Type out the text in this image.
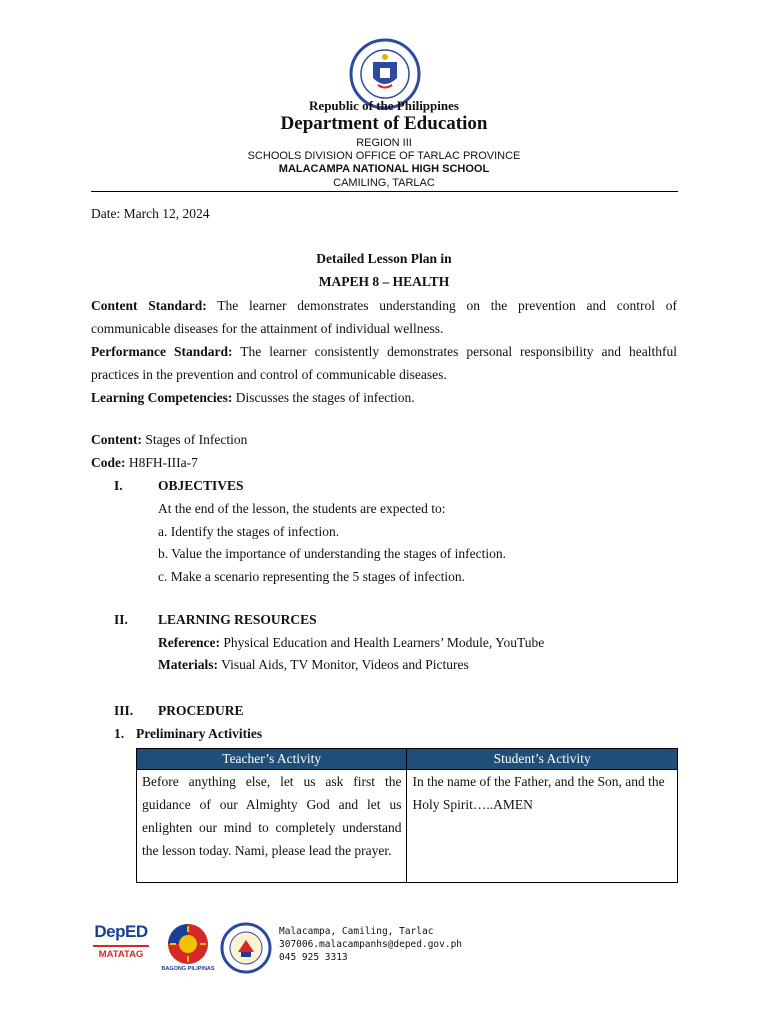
Republic of the Philippines
Department of Education
REGION III
SCHOOLS DIVISION OFFICE OF TARLAC PROVINCE
MALACAMPA NATIONAL HIGH SCHOOL
CAMILING, TARLAC
Date: March 12, 2024
Detailed Lesson Plan in
MAPEH 8 – HEALTH
Content Standard: The learner demonstrates understanding on the prevention and control of communicable diseases for the attainment of individual wellness.
Performance Standard: The learner consistently demonstrates personal responsibility and healthful practices in the prevention and control of communicable diseases.
Learning Competencies: Discusses the stages of infection.
Content: Stages of Infection
Code: H8FH-IIIa-7
I.	OBJECTIVES
At the end of the lesson, the students are expected to:
a. Identify the stages of infection.
b. Value the importance of understanding the stages of infection.
c. Make a scenario representing the 5 stages of infection.
II. LEARNING RESOURCES
Reference: Physical Education and Health Learners’ Module, YouTube
Materials: Visual Aids, TV Monitor, Videos and Pictures
III. PROCEDURE
1. Preliminary Activities
Teacher’s Activity	Student’s Activity
Before anything else, let us ask first the guidance of our Almighty God and let us enlighten our mind to completely understand the lesson today. Nami, please lead the prayer.	In the name of the Father, and the Son, and the Holy Spirit…..AMEN
DepED
MATATAG
BAGONG PILIPINAS
Malacampa, Camiling, Tarlac
307006.malacampanhs@deped.gov.ph
045 925 3313
